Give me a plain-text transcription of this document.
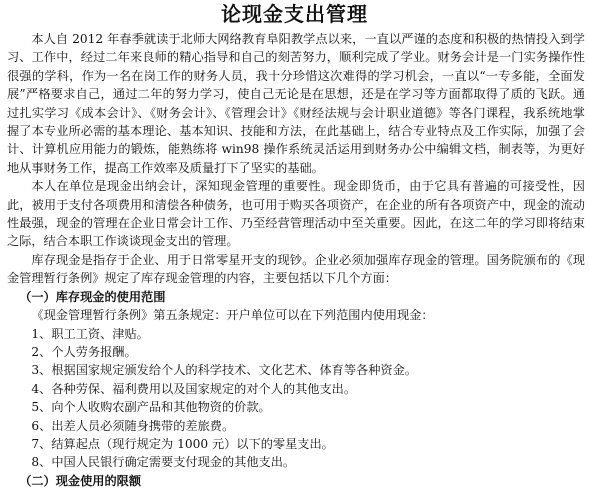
论现金支出管理

本人自 2012 年春季就读于北师大网络教育阜阳教学点以来，一直以严谨的态度和积极的热情投入到学习、工作中，经过二年来良师的精心指导和自己的刻苦努力，顺利完成了学业。财务会计是一门实务操作性很强的学科，作为一名在岗工作的财务人员，我十分珍惜这次难得的学习机会，一直以“一专多能，全面发展”严格要求自己，通过二年的努力学习，使自己无论是在思想，还是在学习等方面都取得了质的飞跃。通过扎实学习《成本会计》、《财务会计》、《管理会计》《财经法规与会计职业道德》等各门课程，我系统地掌握了本专业所必需的基本理论、基本知识、技能和方法，在此基础上，结合专业特点及工作实际，加强了会计、计算机应用能力的锻炼，能熟练将 win98 操作系统灵活运用到财务办公中编辑文档，制表等，为更好地从事财务工作，提高工作效率及质量打下了坚实的基础。

本人在单位是现金出纳会计，深知现金管理的重要性。现金即货币，由于它具有普遍的可接受性，因此，被用于支付各项费用和清偿各种债务，也可用于购买各项资产，在企业的所有各项资产中，现金的流动性最强，现金的管理在企业日常会计工作、乃至经营管理活动中至关重要。因此，在这二年的学习即将结束之际，结合本职工作谈谈现金支出的管理。

库存现金是指存于企业、用于日常零星开支的现钞。企业必须加强库存现金的管理。国务院颁布的《现金管理暂行条例》规定了库存现金管理的内容，主要包括以下几个方面：

（一）库存现金的使用范围

《现金管理暂行条例》第五条规定：开户单位可以在下列范围内使用现金：

1、职工工资、津贴。

2、个人劳务报酬。

3、根据国家规定颁发给个人的科学技术、文化艺术、体育等各种资金。

4、各种劳保、福利费用以及国家规定的对个人的其他支出。

5、向个人收购农副产品和其他物资的价款。

6、出差人员必须随身携带的差旅费。

7、结算起点（现行规定为 1000 元）以下的零星支出。

8、中国人民银行确定需要支付现金的其他支出。

（二）现金使用的限额
